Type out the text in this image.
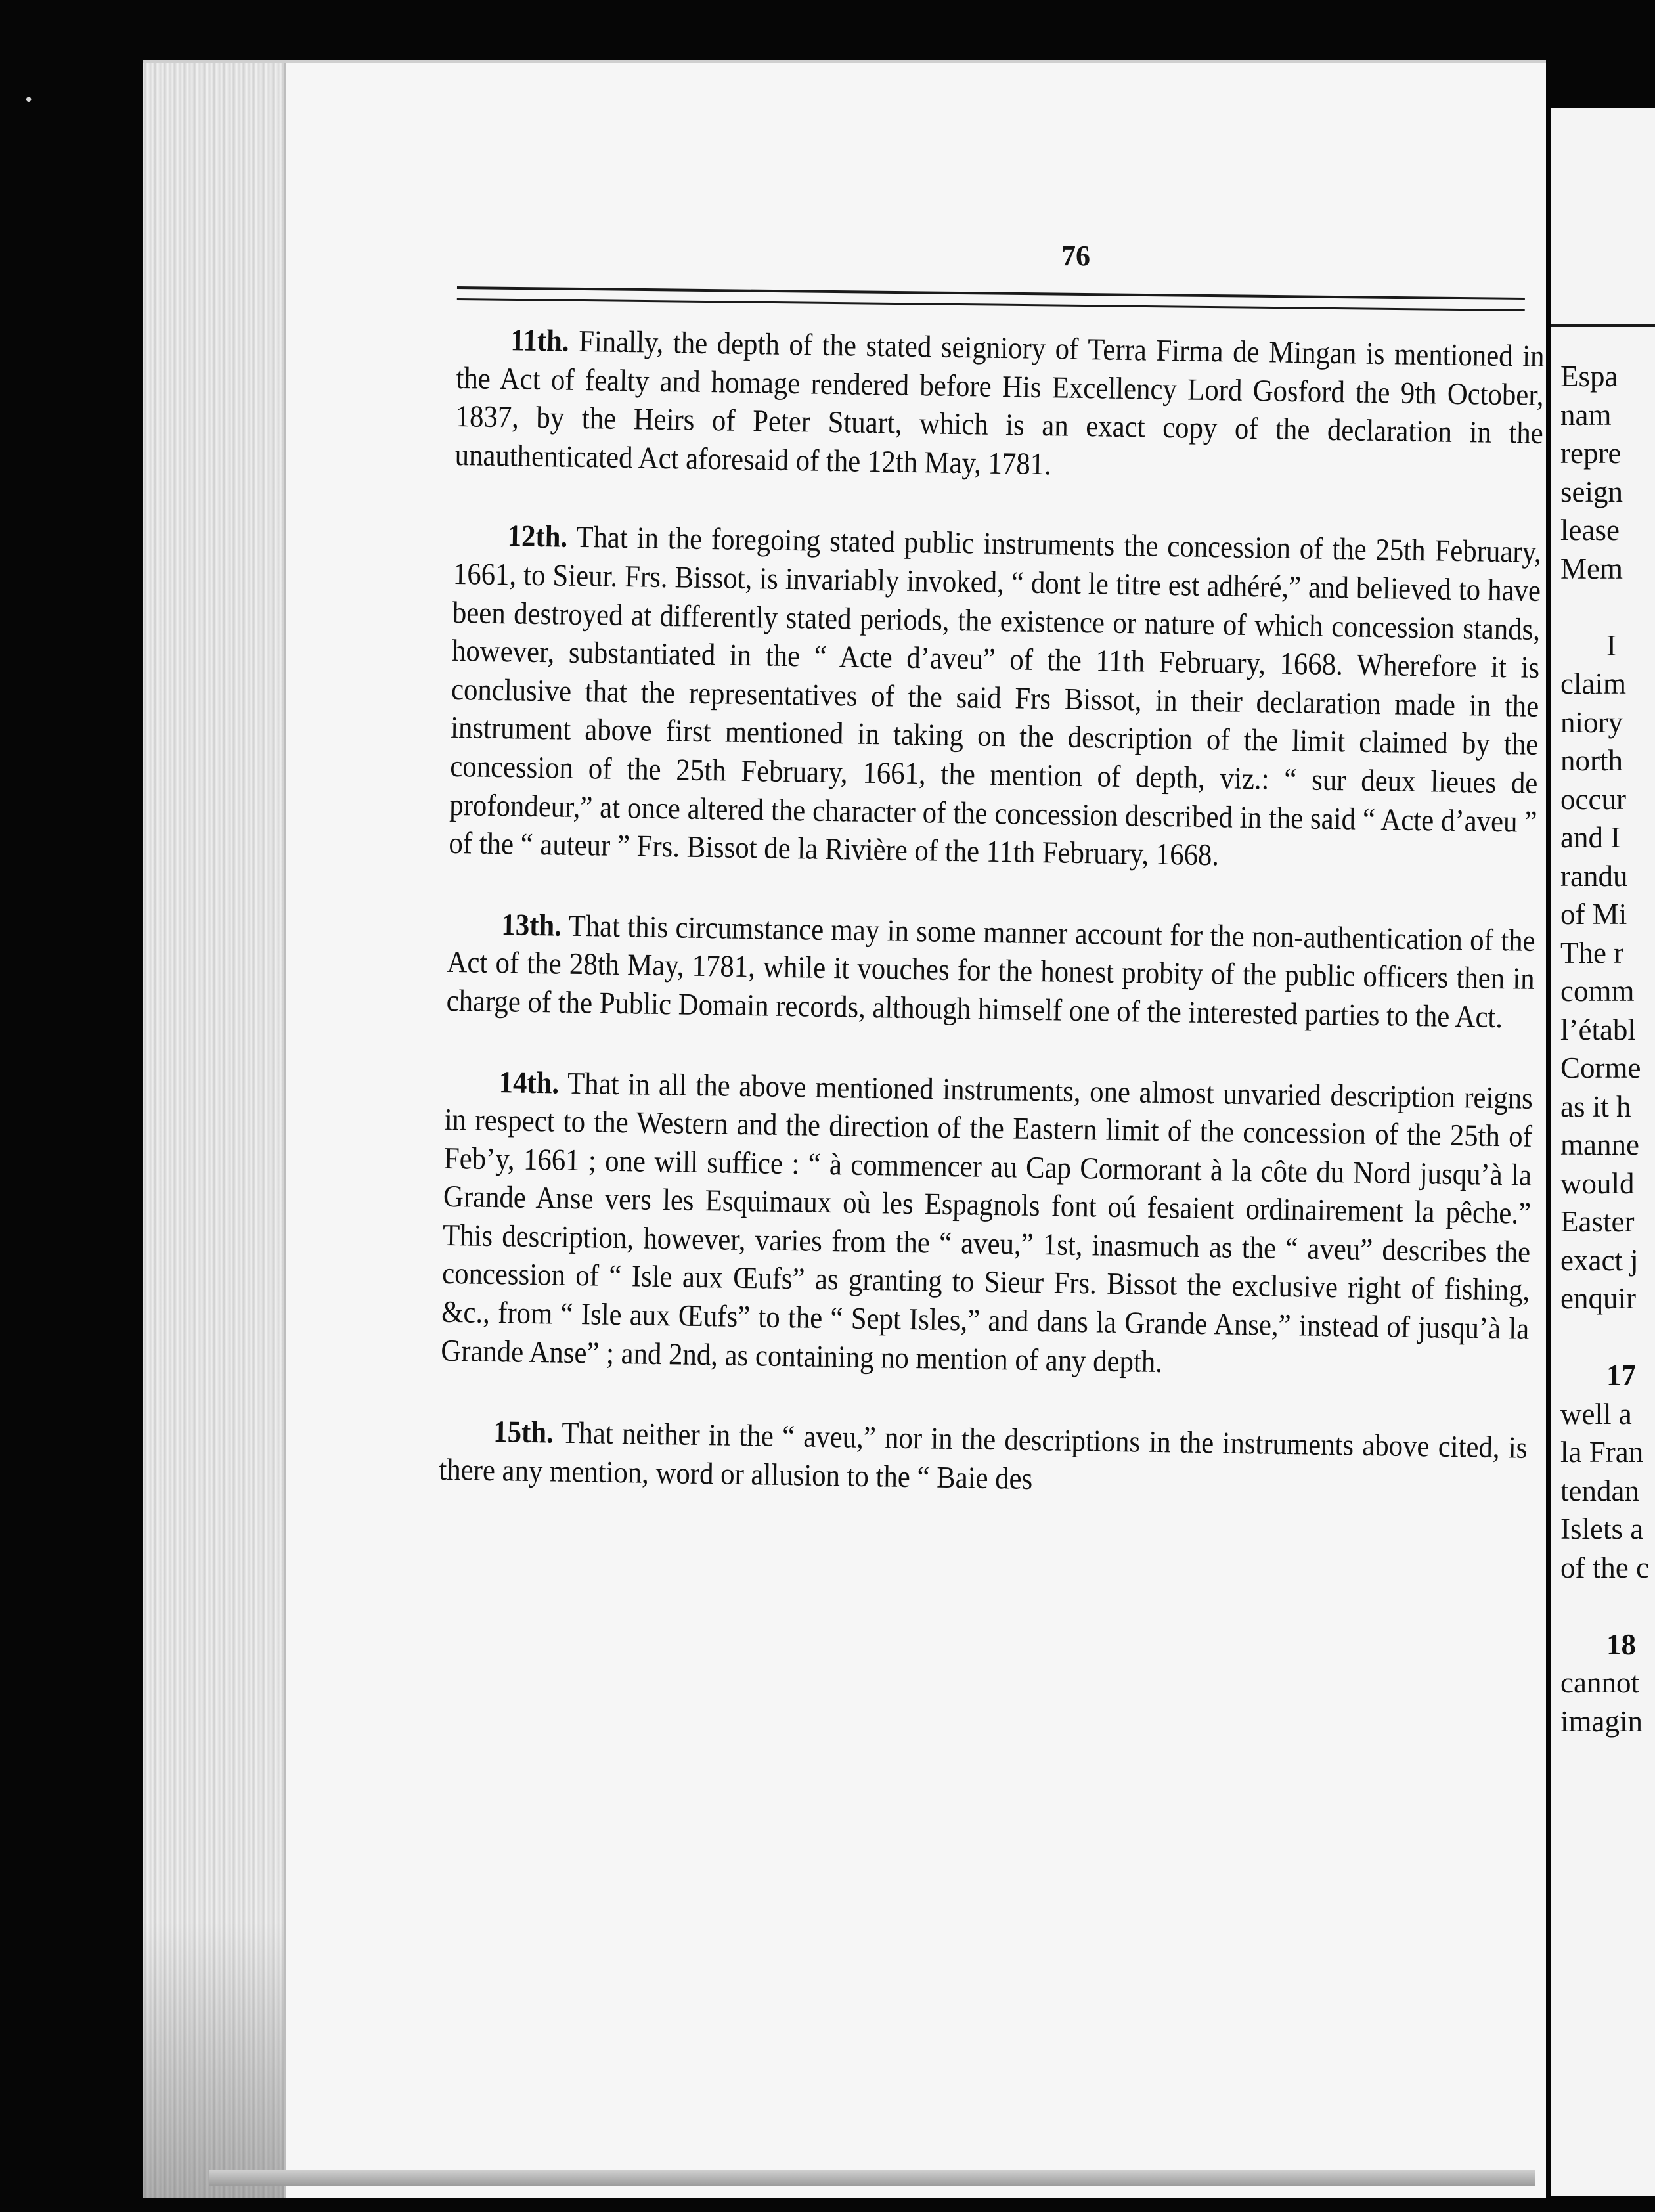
•
76

11th. Finally, the depth of the stated seigniory of Terra Firma de Mingan is mentioned in the Act of fealty and homage rendered before His Excellency Lord Gosford the 9th October, 1837, by the Heirs of Peter Stuart, which is an exact copy of the declaration in the unauthenticated Act aforesaid of the 12th May, 1781.

12th. That in the foregoing stated public instruments the concession of the 25th February, 1661, to Sieur. Frs. Bissot, is invariably invoked, “ dont le titre est adhéré,” and believed to have been destroyed at differently stated periods, the existence or nature of which concession stands, however, substantiated in the “ Acte d’aveu” of the 11th February, 1668. Wherefore it is conclusive that the representatives of the said Frs Bissot, in their declaration made in the instrument above first mentioned in taking on the description of the limit claimed by the concession of the 25th February, 1661, the mention of depth, viz.: “ sur deux lieues de profondeur,” at once altered the character of the concession described in the said “ Acte d’aveu ” of the “ auteur ” Frs. Bissot de la Rivière of the 11th February, 1668.

13th. That this circumstance may in some manner account for the non-authentication of the Act of the 28th May, 1781, while it vouches for the honest probity of the public officers then in charge of the Public Domain records, although himself one of the interested parties to the Act.

14th. That in all the above mentioned instruments, one almost unvaried description reigns in respect to the Western and the direction of the Eastern limit of the concession of the 25th of Feb’y, 1661 ; one will suffice : “ à commencer au Cap Cormorant à la côte du Nord jusqu’à la Grande Anse vers les Esquimaux où les Espagnols font oú fesaient ordinairement la pêche.” This description, however, varies from the “ aveu,” 1st, inasmuch as the “ aveu” describes the concession of “ Isle aux Œufs” as granting to Sieur Frs. Bissot the exclusive right of fishing, &c., from “ Isle aux Œufs” to the “ Sept Isles,” and dans la Grande Anse,” instead of jusqu’à la Grande Anse” ; and 2nd, as containing no mention of any depth.

15th. That neither in the “ aveu,” nor in the descriptions in the instruments above cited, is there any mention, word or allusion to the “ Baie des

Espa
nam
repre
seign
lease
Mem
I
claim
niory
north
occur
and I
randu
of Mi
The r
comm
l’établ
Corme
as it h
manne
would
Easter
exact j
enquir
17
well a
la Fran
tendan
Islets a
of the c
18
cannot
imagin
